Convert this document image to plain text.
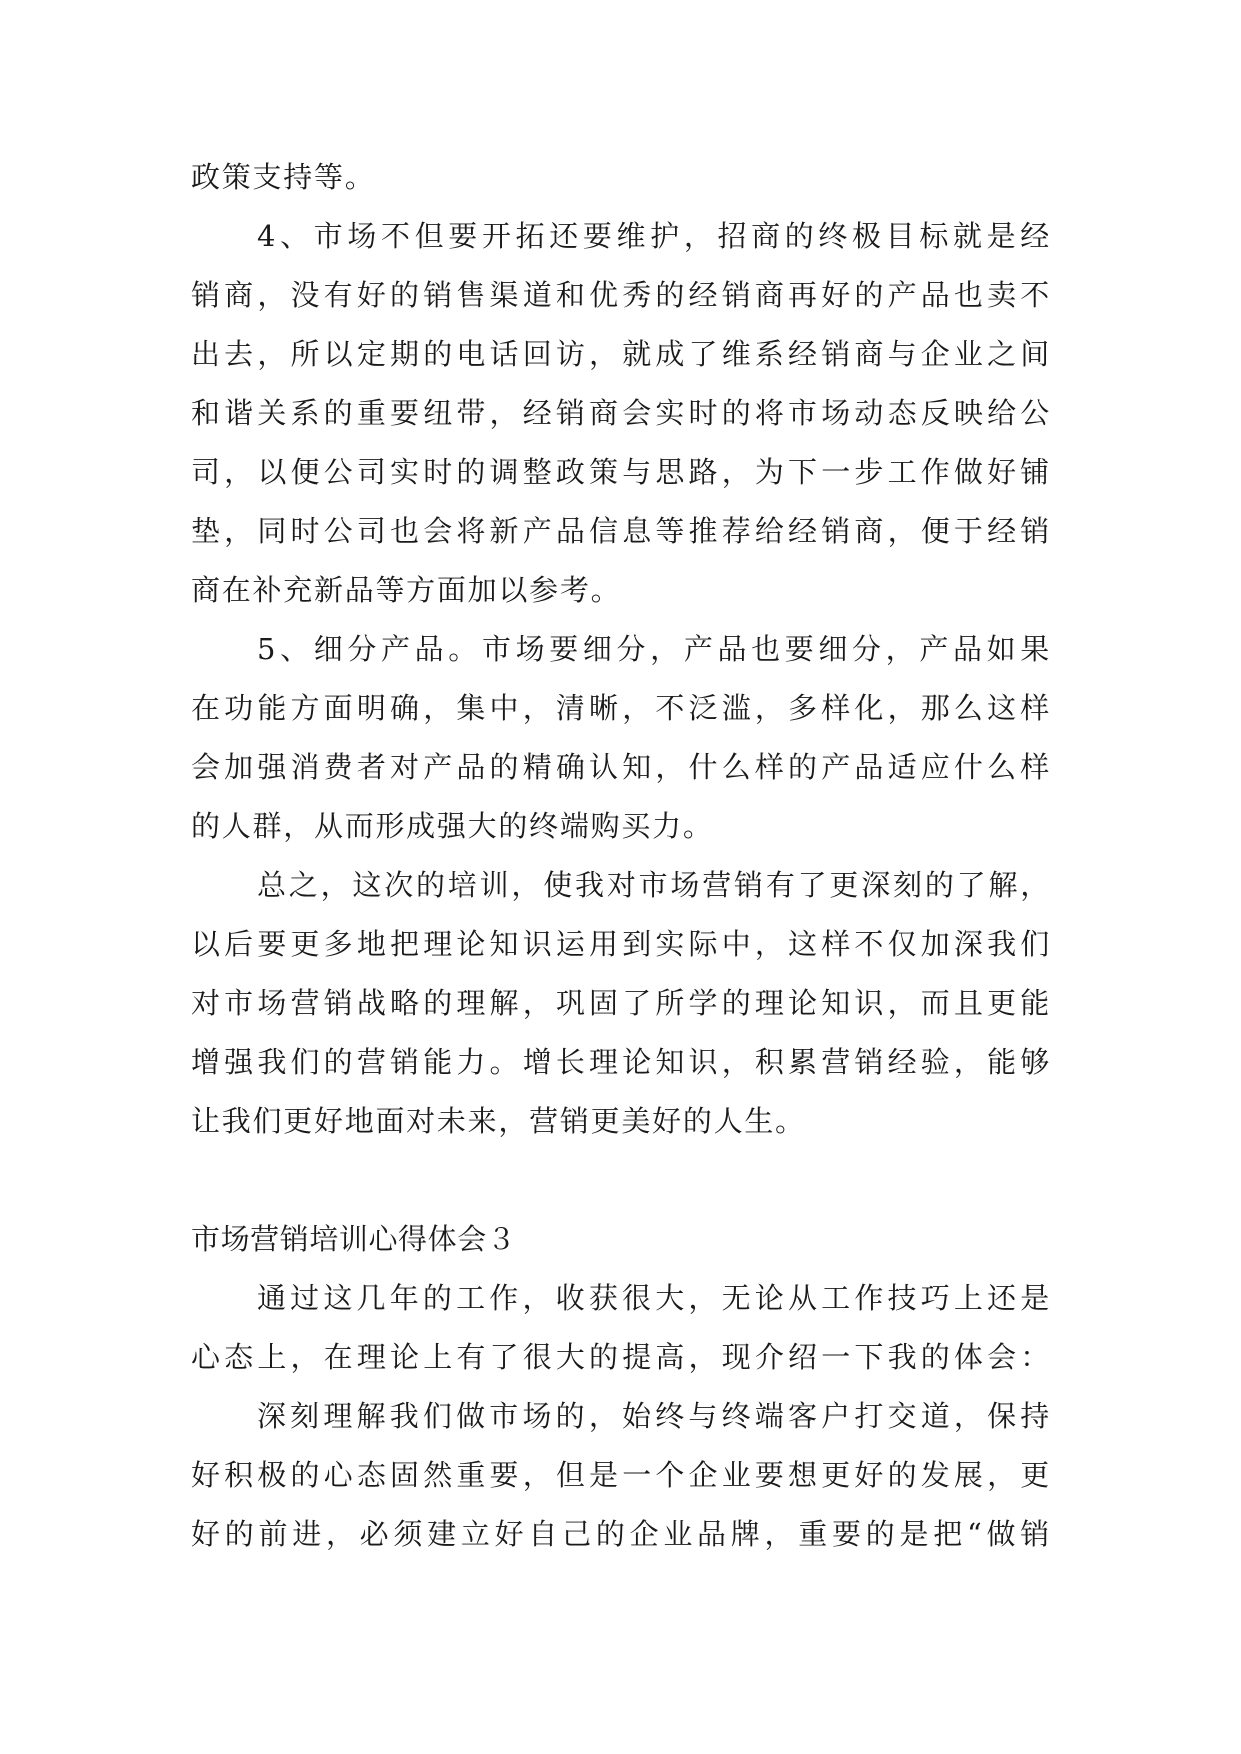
政策支持等。
4、市场不但要开拓还要维护，招商的终极目标就是经
销商，没有好的销售渠道和优秀的经销商再好的产品也卖不
出去，所以定期的电话回访，就成了维系经销商与企业之间
和谐关系的重要纽带，经销商会实时的将市场动态反映给公
司，以便公司实时的调整政策与思路，为下一步工作做好铺
垫，同时公司也会将新产品信息等推荐给经销商，便于经销
商在补充新品等方面加以参考。
5、细分产品。市场要细分，产品也要细分，产品如果
在功能方面明确，集中，清晰，不泛滥，多样化，那么这样
会加强消费者对产品的精确认知，什么样的产品适应什么样
的人群，从而形成强大的终端购买力。
总之，这次的培训，使我对市场营销有了更深刻的了解，
以后要更多地把理论知识运用到实际中，这样不仅加深我们
对市场营销战略的理解，巩固了所学的理论知识，而且更能
增强我们的营销能力。增长理论知识，积累营销经验，能够
让我们更好地面对未来，营销更美好的人生。
市场营销培训心得体会３
通过这几年的工作，收获很大，无论从工作技巧上还是
心态上，在理论上有了很大的提高，现介绍一下我的体会：
深刻理解我们做市场的，始终与终端客户打交道，保持
好积极的心态固然重要，但是一个企业要想更好的发展，更
好的前进，必须建立好自己的企业品牌，重要的是把“做销
